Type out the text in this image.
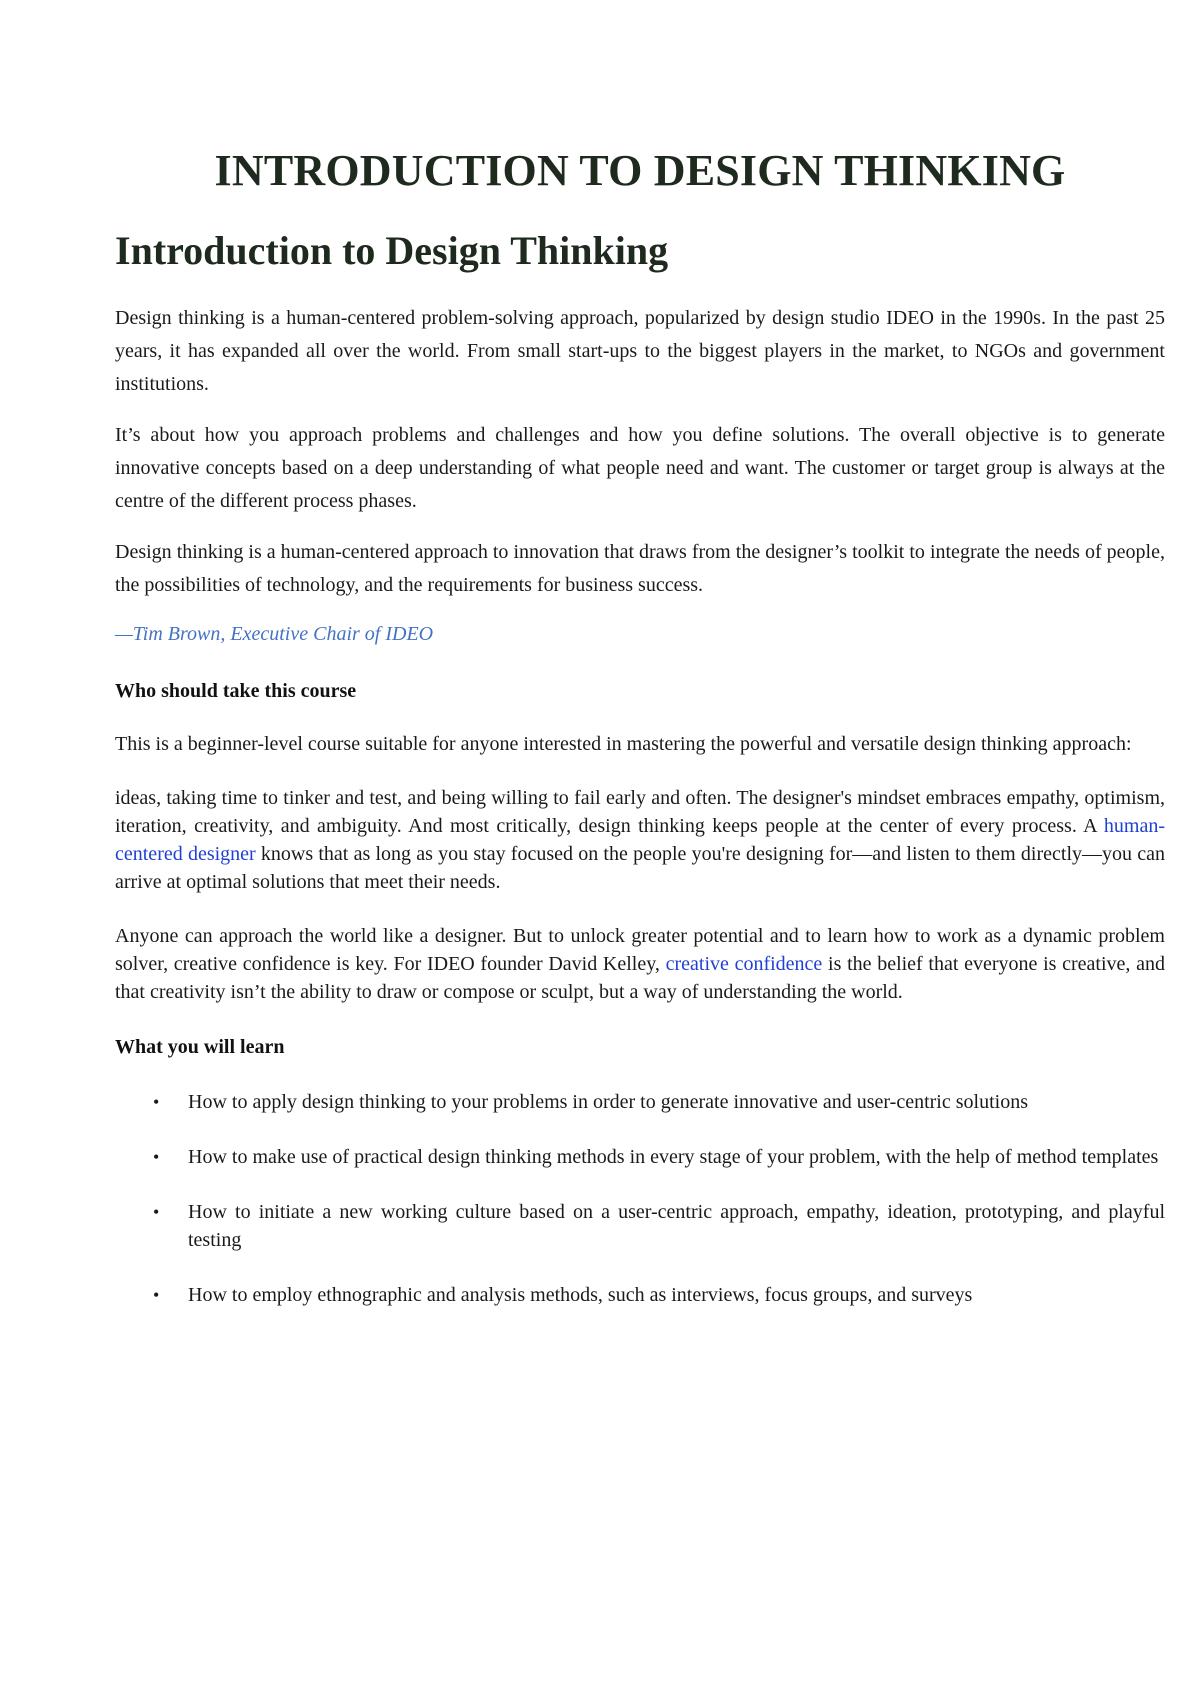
INTRODUCTION TO DESIGN THINKING
Introduction to Design Thinking

Design thinking is a human-centered problem-solving approach, popularized by design studio IDEO in the 1990s. In the past 25 years, it has expanded all over the world. From small start-ups to the biggest players in the market, to NGOs and government institutions.

It’s about how you approach problems and challenges and how you define solutions. The overall objective is to generate innovative concepts based on a deep understanding of what people need and want. The customer or target group is always at the centre of the different process phases.

Design thinking is a human-centered approach to innovation that draws from the designer’s toolkit to integrate the needs of people, the possibilities of technology, and the requirements for business success.

—Tim Brown, Executive Chair of IDEO

Who should take this course

This is a beginner-level course suitable for anyone interested in mastering the powerful and versatile design thinking approach:

ideas, taking time to tinker and test, and being willing to fail early and often. The designer's mindset embraces empathy, optimism, iteration, creativity, and ambiguity. And most critically, design thinking keeps people at the center of every process. A human-centered designer knows that as long as you stay focused on the people you're designing for—and listen to them directly—you can arrive at optimal solutions that meet their needs.

Anyone can approach the world like a designer. But to unlock greater potential and to learn how to work as a dynamic problem solver, creative confidence is key. For IDEO founder David Kelley, creative confidence is the belief that everyone is creative, and that creativity isn’t the ability to draw or compose or sculpt, but a way of understanding the world.

What you will learn

• How to apply design thinking to your problems in order to generate innovative and user-centric solutions
• How to make use of practical design thinking methods in every stage of your problem, with the help of method templates
• How to initiate a new working culture based on a user-centric approach, empathy, ideation, prototyping, and playful testing
• How to employ ethnographic and analysis methods, such as interviews, focus groups, and surveys
